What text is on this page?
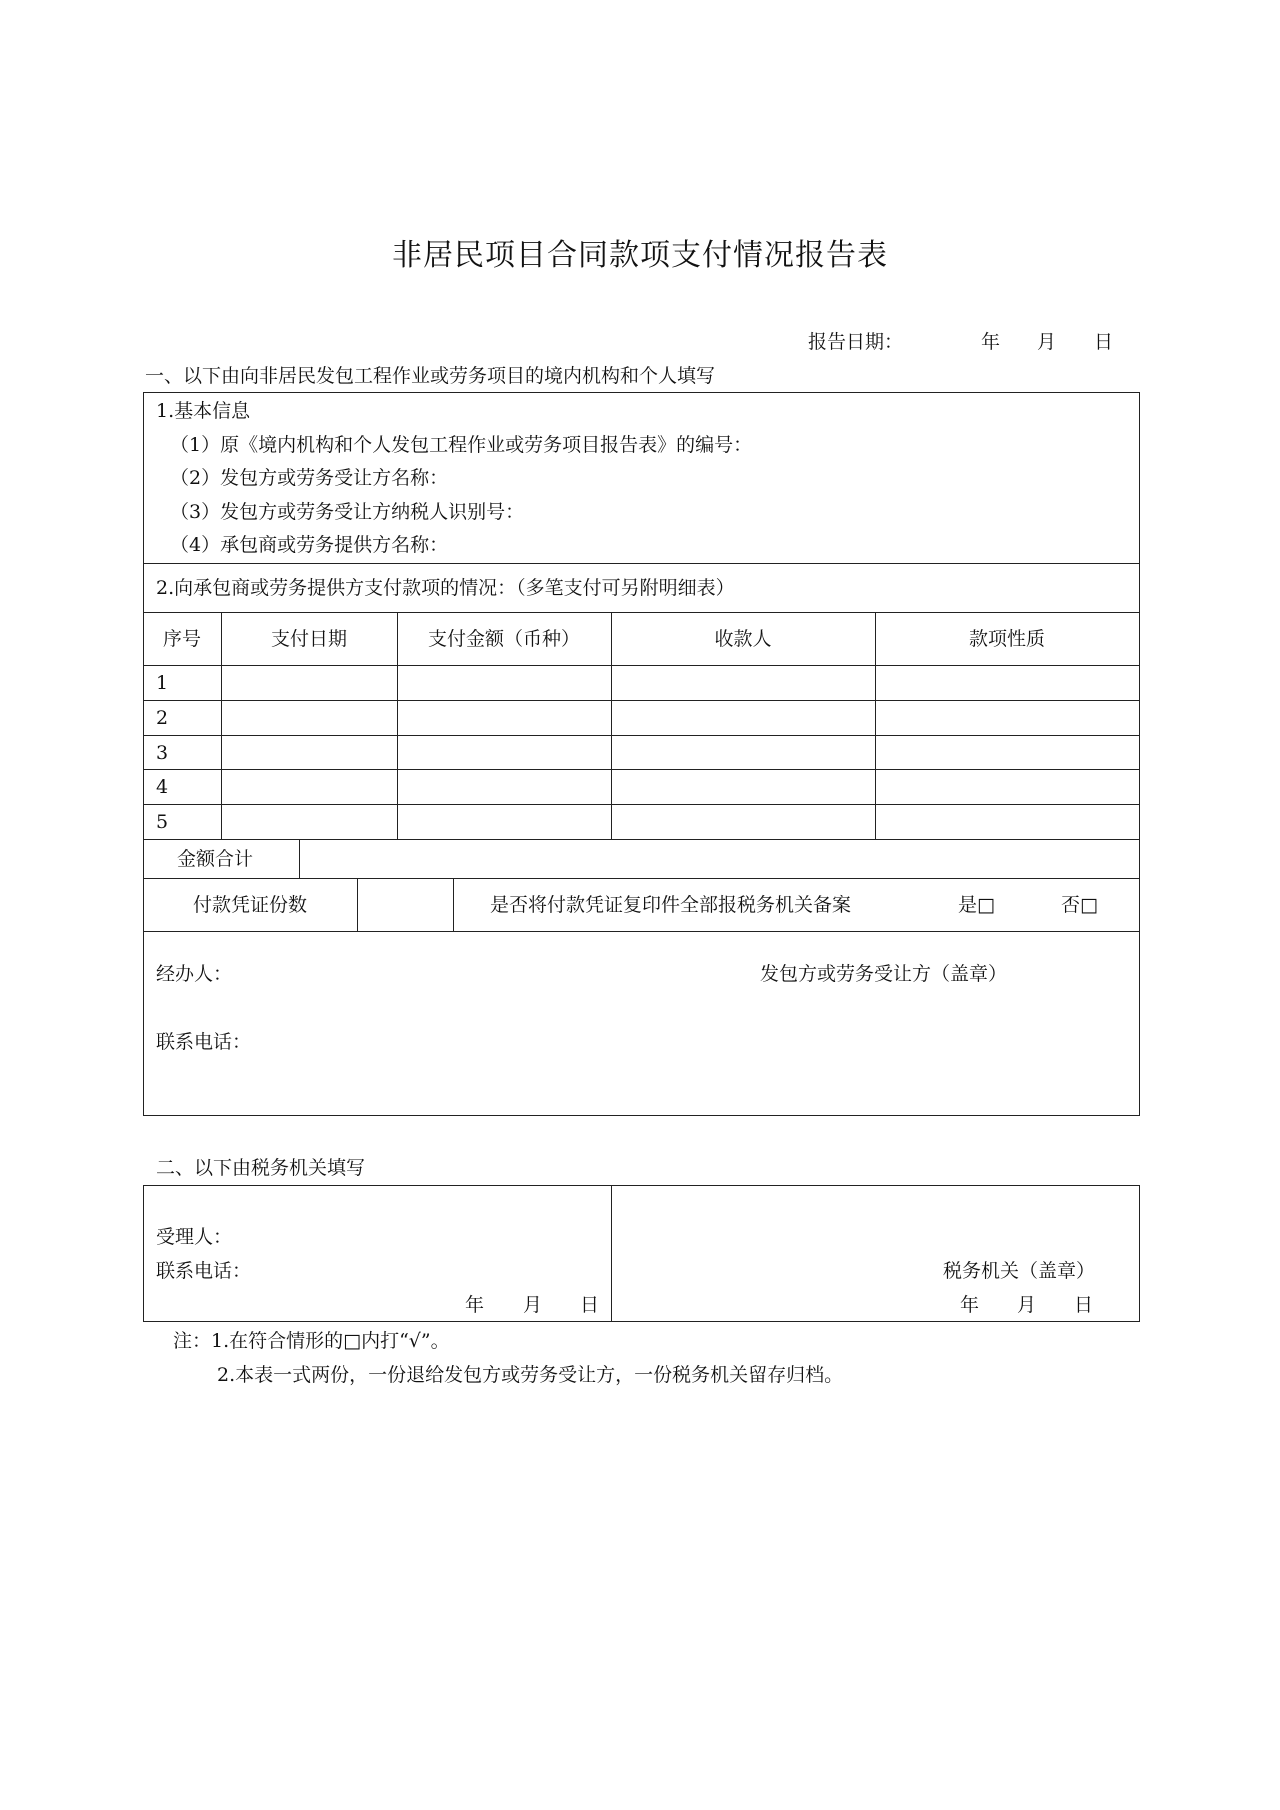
非居民项目合同款项支付情况报告表
报告日期：	年 月 日
一、以下由向非居民发包工程作业或劳务项目的境内机构和个人填写
1.基本信息
（1）原《境内机构和个人发包工程作业或劳务项目报告表》的编号：
（2）发包方或劳务受让方名称：
（3）发包方或劳务受让方纳税人识别号：
（4）承包商或劳务提供方名称：
2.向承包商或劳务提供方支付款项的情况：（多笔支付可另附明细表）
序号	支付日期	支付金额（币种）	收款人	款项性质
1
2
3
4
5
金额合计
付款凭证份数	是否将付款凭证复印件全部报税务机关备案	是□	否□
经办人：	发包方或劳务受让方（盖章）
联系电话：
二、以下由税务机关填写
受理人：
联系电话：
年 月 日
税务机关（盖章）
年 月 日
注：1.在符合情形的□内打“√”。
2.本表一式两份，一份退给发包方或劳务受让方，一份税务机关留存归档。
